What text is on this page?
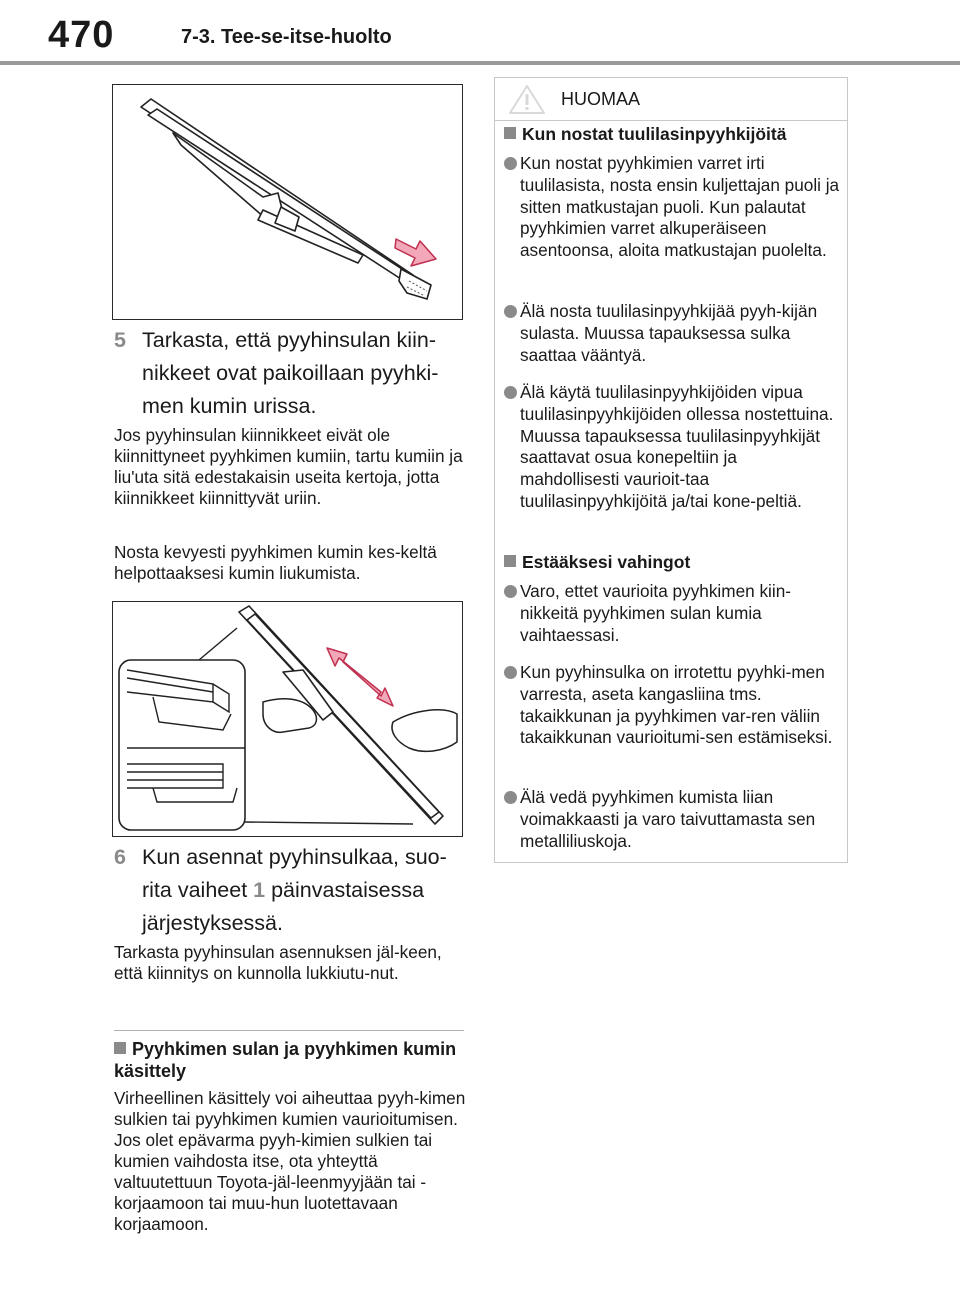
470	7-3. Tee-se-itse-huolto
5 Tarkasta, että pyyhinsulan kiin-nikkeet ovat paikoillaan pyyhki-men kumin urissa.
Jos pyyhinsulan kiinnikkeet eivät ole kiinnittyneet pyyhkimen kumiin, tartu kumiin ja liu'uta sitä edestakaisin useita kertoja, jotta kiinnikkeet kiinnittyvät uriin.
Nosta kevyesti pyyhkimen kumin kes-keltä helpottaaksesi kumin liukumista.
6 Kun asennat pyyhinsulkaa, suo-rita vaiheet 1 päinvastaisessa järjestyksessä.
Tarkasta pyyhinsulan asennuksen jäl-keen, että kiinnitys on kunnolla lukkiutu-nut.
Pyyhkimen sulan ja pyyhkimen kumin käsittely
Virheellinen käsittely voi aiheuttaa pyyh-kimen sulkien tai pyyhkimen kumien vaurioitumisen. Jos olet epävarma pyyh-kimien sulkien tai kumien vaihdosta itse, ota yhteyttä valtuutettuun Toyota-jäl-leenmyyjään tai -korjaamoon tai muu-hun luotettavaan korjaamoon.
HUOMAA
Kun nostat tuulilasinpyyhkijöitä
Kun nostat pyyhkimien varret irti tuulilasista, nosta ensin kuljettajan puoli ja sitten matkustajan puoli. Kun palautat pyyhkimien varret alkuperäiseen asentoonsa, aloita matkustajan puolelta.
Älä nosta tuulilasinpyyhkijää pyyh-kijän sulasta. Muussa tapauksessa sulka saattaa vääntyä.
Älä käytä tuulilasinpyyhkijöiden vipua tuulilasinpyyhkijöiden ollessa nostettuina. Muussa tapauksessa tuulilasinpyyhkijät saattavat osua konepeltiin ja mahdollisesti vaurioit-taa tuulilasinpyyhkijöitä ja/tai kone-peltiä.
Estääksesi vahingot
Varo, ettet vaurioita pyyhkimen kiin-nikkeitä pyyhkimen sulan kumia vaihtaessasi.
Kun pyyhinsulka on irrotettu pyyhki-men varresta, aseta kangasliina tms. takaikkunan ja pyyhkimen var-ren väliin takaikkunan vaurioitumi-sen estämiseksi.
Älä vedä pyyhkimen kumista liian voimakkaasti ja varo taivuttamasta sen metalliliuskoja.
